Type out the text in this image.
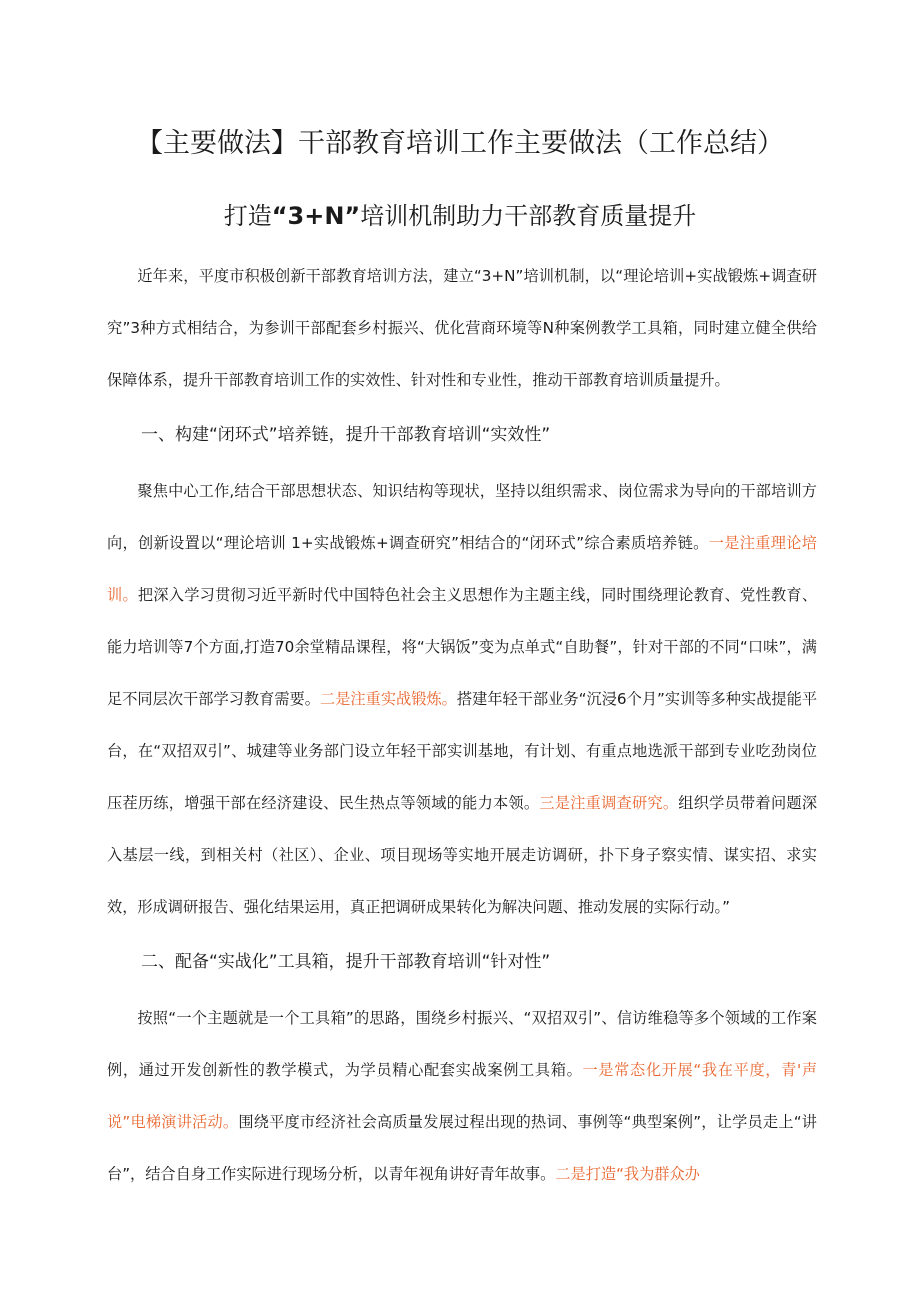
【主要做法】干部教育培训工作主要做法（工作总结）
打造“3+N”培训机制助力干部教育质量提升

近年来，平度市积极创新干部教育培训方法，建立“3+N”培训机制，以“理论培训+实战锻炼+调查研究”3种方式相结合，为参训干部配套乡村振兴、优化营商环境等N种案例教学工具箱，同时建立健全供给保障体系，提升干部教育培训工作的实效性、针对性和专业性，推动干部教育培训质量提升。

一、构建“闭环式”培养链，提升干部教育培训“实效性”

聚焦中心工作,结合干部思想状态、知识结构等现状，坚持以组织需求、岗位需求为导向的干部培训方向，创新设置以“理论培训 1+实战锻炼+调查研究”相结合的“闭环式”综合素质培养链。一是注重理论培训。把深入学习贯彻习近平新时代中国特色社会主义思想作为主题主线，同时围绕理论教育、党性教育、能力培训等7个方面,打造70余堂精品课程，将“大锅饭”变为点单式“自助餐”，针对干部的不同“口味”，满足不同层次干部学习教育需要。二是注重实战锻炼。搭建年轻干部业务“沉浸6个月”实训等多种实战提能平台，在“双招双引”、城建等业务部门设立年轻干部实训基地，有计划、有重点地选派干部到专业吃劲岗位压茬历练，增强干部在经济建设、民生热点等领域的能力本领。三是注重调查研究。组织学员带着问题深入基层一线，到相关村（社区）、企业、项目现场等实地开展走访调研，扑下身子察实情、谋实招、求实效，形成调研报告、强化结果运用，真正把调研成果转化为解决问题、推动发展的实际行动。”

二、配备“实战化”工具箱，提升干部教育培训“针对性”

按照“一个主题就是一个工具箱”的思路，围绕乡村振兴、“双招双引”、信访维稳等多个领域的工作案例，通过开发创新性的教学模式，为学员精心配套实战案例工具箱。一是常态化开展“我在平度，青'声说”电梯演讲活动。围绕平度市经济社会高质量发展过程出现的热词、事例等“典型案例”，让学员走上“讲台”，结合自身工作实际进行现场分析，以青年视角讲好青年故事。二是打造“我为群众办
